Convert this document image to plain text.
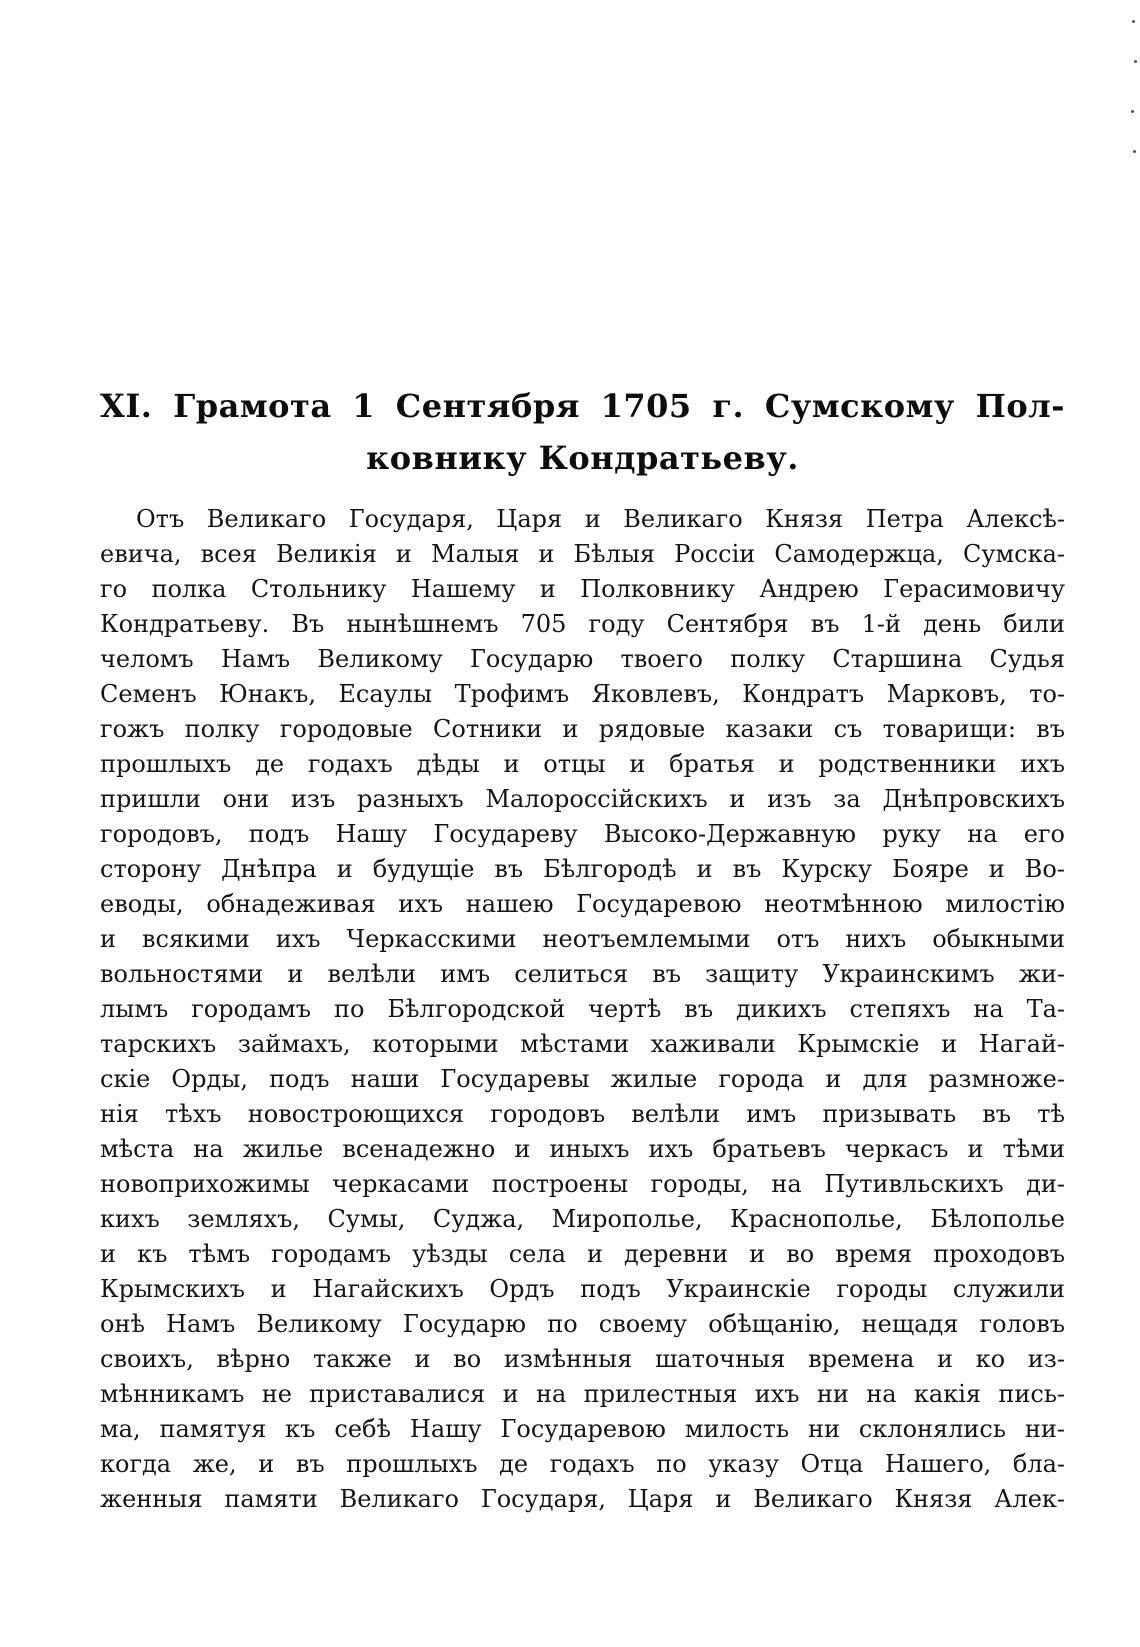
XI. Грамота 1 Сентября 1705 г. Сумскому Пол-
ковнику Кондратьеву.
Отъ Великаго Государя, Царя и Великаго Князя Петра Алексѣ-
евича, всея Великія и Малыя и Бѣлыя Россіи Самодержца, Сумска-
го полка Стольнику Нашему и Полковнику Андрею Герасимовичу
Кондратьеву. Въ нынѣшнемъ 705 году Сентября въ 1-й день били
челомъ Намъ Великому Государю твоего полку Старшина Судья
Семенъ Юнакъ, Есаулы Трофимъ Яковлевъ, Кондратъ Марковъ, то-
гожъ полку городовые Сотники и рядовые казаки съ товарищи: въ
прошлыхъ де годахъ дѣды и отцы и братья и родственники ихъ
пришли они изъ разныхъ Малороссійскихъ и изъ за Днѣпровскихъ
городовъ, подъ Нашу Государеву Высоко-Державную руку на его
сторону Днѣпра и будущіе въ Бѣлгородѣ и въ Курску Бояре и Во-
еводы, обнадеживая ихъ нашею Государевою неотмѣнною милостію
и всякими ихъ Черкасскими неотъемлемыми отъ нихъ обыкными
вольностями и велѣли имъ селиться въ защиту Украинскимъ жи-
лымъ городамъ по Бѣлгородской чертѣ въ дикихъ степяхъ на Та-
тарскихъ займахъ, которыми мѣстами хаживали Крымскіе и Нагай-
скіе Орды, подъ наши Государевы жилые города и для размноже-
нія тѣхъ новостроющихся городовъ велѣли имъ призывать въ тѣ
мѣста на жилье всенадежно и иныхъ ихъ братьевъ черкасъ и тѣми
новоприхожимы черкасами построены городы, на Путивльскихъ ди-
кихъ земляхъ, Сумы, Суджа, Мирополье, Краснополье, Бѣлополье
и къ тѣмъ городамъ уѣзды села и деревни и во время проходовъ
Крымскихъ и Нагайскихъ Ордъ подъ Украинскіе городы служили
онѣ Намъ Великому Государю по своему обѣщанію, нещадя головъ
своихъ, вѣрно также и во измѣнныя шаточныя времена и ко из-
мѣнникамъ не приставалися и на прилестныя ихъ ни на какія пись-
ма, памятуя къ себѣ Нашу Государевою милость ни склонялись ни-
когда же, и въ прошлыхъ де годахъ по указу Отца Нашего, бла-
женныя памяти Великаго Государя, Царя и Великаго Князя Алек-
